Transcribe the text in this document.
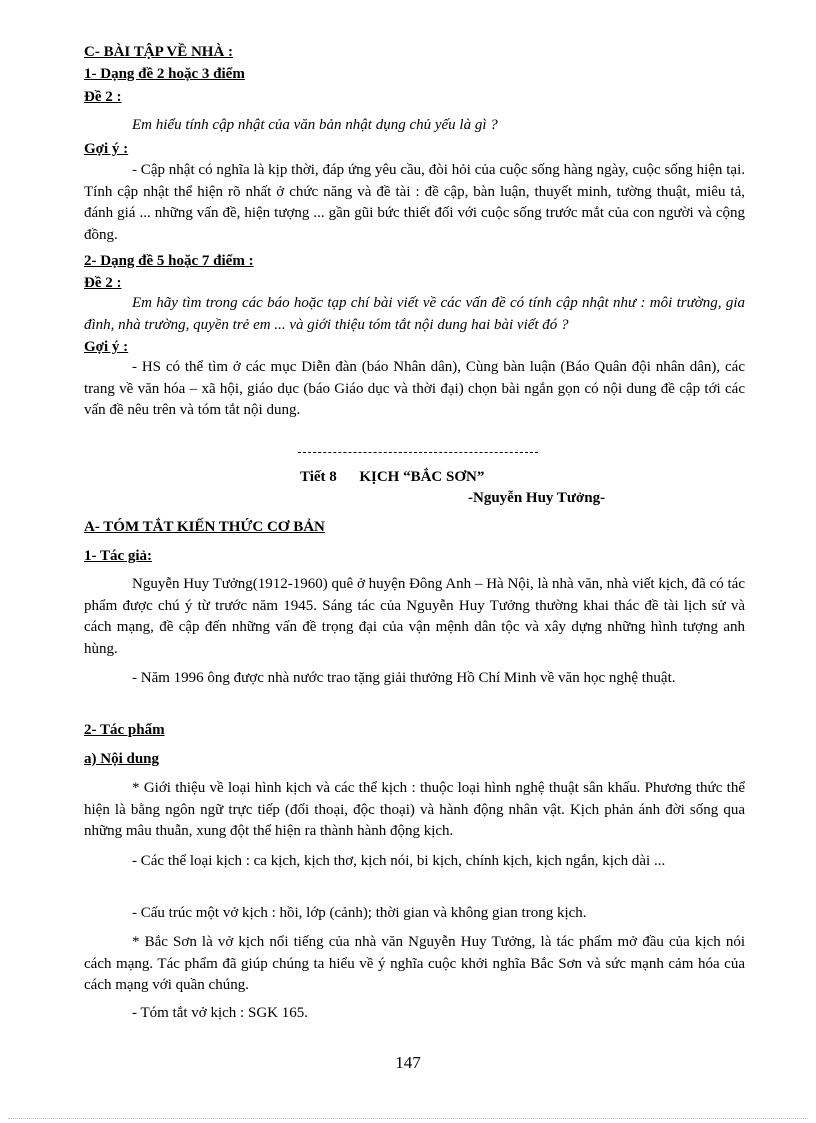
C- BÀI TẬP VỀ NHÀ :
1- Dạng đề 2 hoặc 3 điểm
Đề 2 :
Em hiểu tính cập nhật của văn bản nhật dụng chủ yếu là gì ?
Gợi ý :
- Cập nhật có nghĩa là kịp thời, đáp ứng yêu cầu, đòi hỏi của cuộc sống hàng ngày, cuộc sống hiện tại. Tính cập nhật thể hiện rõ nhất ở chức năng và đề tài : đề cập, bàn luận, thuyết minh, tường thuật, miêu tả, đánh giá ... những vấn đề, hiện tượng ... gần gũi bức thiết đối với cuộc sống trước mắt của con người và cộng đồng.
2- Dạng đề 5 hoặc 7 điểm :
Đề 2 :
Em hãy tìm trong các báo hoặc tạp chí bài viết về các vấn đề có tính cập nhật như : môi trường, gia đình, nhà trường, quyền trẻ em ... và giới thiệu tóm tắt nội dung hai bài viết đó ?
Gợi ý :
- HS có thể tìm ở các mục Diễn đàn (báo Nhân dân), Cùng bàn luận (Báo Quân đội nhân dân), các trang về văn hóa – xã hội, giáo dục (báo Giáo dục và thời đại) chọn bài ngắn gọn có nội dung đề cập tới các vấn đề nêu trên và tóm tắt nội dung.
Tiết 8 KỊCH “BẮC SƠN”
-Nguyễn Huy Tưởng-
A- TÓM TẮT KIẾN THỨC CƠ BẢN
1- Tác giả:
Nguyễn Huy Tưởng(1912-1960) quê ở huyện Đông Anh – Hà Nội, là nhà văn, nhà viết kịch, đã có tác phẩm được chú ý từ trước năm 1945. Sáng tác của Nguyễn Huy Tưởng thường khai thác đề tài lịch sử và cách mạng, đề cập đến những vấn đề trọng đại của vận mệnh dân tộc và xây dựng những hình tượng anh hùng.
- Năm 1996 ông được nhà nước trao tặng giải thưởng Hồ Chí Minh về văn học nghệ thuật.
2- Tác phẩm
a) Nội dung
* Giới thiệu về loại hình kịch và các thể kịch : thuộc loại hình nghệ thuật sân khấu. Phương thức thể hiện là bằng ngôn ngữ trực tiếp (đối thoại, độc thoại) và hành động nhân vật. Kịch phản ánh đời sống qua những mâu thuẫn, xung đột thể hiện ra thành hành động kịch.
- Các thể loại kịch : ca kịch, kịch thơ, kịch nói, bi kịch, chính kịch, kịch ngắn, kịch dài ...
- Cấu trúc một vở kịch : hồi, lớp (cảnh); thời gian và không gian trong kịch.
* Bắc Sơn là vở kịch nổi tiếng của nhà văn Nguyễn Huy Tưởng, là tác phẩm mở đầu của kịch nói cách mạng. Tác phẩm đã giúp chúng ta hiểu về ý nghĩa cuộc khởi nghĩa Bắc Sơn và sức mạnh cảm hóa của cách mạng với quần chúng.
- Tóm tắt vở kịch : SGK 165.
147
